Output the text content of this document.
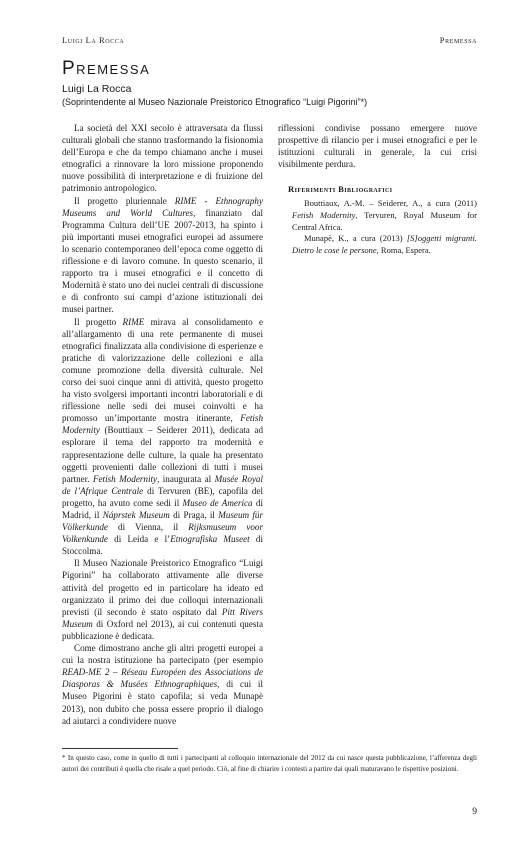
Luigi La Rocca	Premessa
Premessa
Luigi La Rocca
(Soprintendente al Museo Nazionale Preistorico Etnografico “Luigi Pigorini”*)

La società del XXI secolo è attraversata da flussi culturali globali che stanno trasformando la fisionomia dell’Europa e che da tempo chiamano anche i musei etnografici a rinnovare la loro missione proponendo nuove possibilità di interpretazione e di fruizione del patrimonio antropologico.

Il progetto pluriennale RIME - Ethnography Museums and World Cultures, finanziato dal Programma Cultura dell’UE 2007-2013, ha spinto i più importanti musei etnografici europei ad assumere lo scenario contemporaneo dell’epoca come oggetto di riflessione e di lavoro comune. In questo scenario, il rapporto tra i musei etnografici e il concetto di Modernità è stato uno dei nuclei centrali di discussione e di confronto sui campi d’azione istituzionali dei musei partner.

Il progetto RIME mirava al consolidamento e all’allargamento di una rete permanente di musei etnografici finalizzata alla condivisione di esperienze e pratiche di valorizzazione delle collezioni e alla comune promozione della diversità culturale. Nel corso dei suoi cinque anni di attività, questo progetto ha visto svolgersi importanti incontri laboratoriali e di riflessione nelle sedi dei musei coinvolti e ha promosso un’importante mostra itinerante, Fetish Modernity (Bouttiaux – Seiderer 2011), dedicata ad esplorare il tema del rapporto tra modernità e rappresentazione delle culture, la quale ha presentato oggetti provenienti dalle collezioni di tutti i musei partner. Fetish Modernity, inaugurata al Musée Royal de l’Afrique Centrale di Tervuren (BE), capofila del progetto, ha avuto come sedi il Museo de America di Madrid, il Náprstek Museum di Praga, il Museum für Völkerkunde di Vienna, il Rijksmuseum voor Volkenkunde di Leida e l’Etnografiska Museet di Stoccolma.

Il Museo Nazionale Preistorico Etnografico “Luigi Pigorini” ha collaborato attivamente alle diverse attività del progetto ed in particolare ha ideato ed organizzato il primo dei due colloqui internazionali previsti (il secondo è stato ospitato dal Pitt Rivers Museum di Oxford nel 2013), ai cui contenuti questa pubblicazione è dedicata.

Come dimostrano anche gli altri progetti europei a cui la nostra istituzione ha partecipato (per esempio READ-ME 2 – Réseau Européen des Associations de Diasporas & Musées Ethnographiques, di cui il Museo Pigorini è stato capofila; si veda Munapè 2013), non dubito che possa essere proprio il dialogo ad aiutarci a condividere nuove

riflessioni condivise possano emergere nuove prospettive di rilancio per i musei etnografici e per le istituzioni culturali in generale, la cui crisi visibilmente perdura.

Riferimenti Bibliografici

Bouttiaux, A.-M. – Seiderer, A., a cura (2011) Fetish Modernity, Tervuren, Royal Museum for Central Africa.

Munapè, K., a cura (2013) [S]oggetti migranti. Dietro le cose le persone, Roma, Espera.

* In questo caso, come in quello di tutti i partecipanti al colloquio internazionale del 2012 da cui nasce questa pubblicazione, l’afferenza degli autori dei contributi è quella che risale a quel periodo. Ciò, al fine di chiarire i contesti a partire dai quali maturavano le rispettive posizioni.
9
